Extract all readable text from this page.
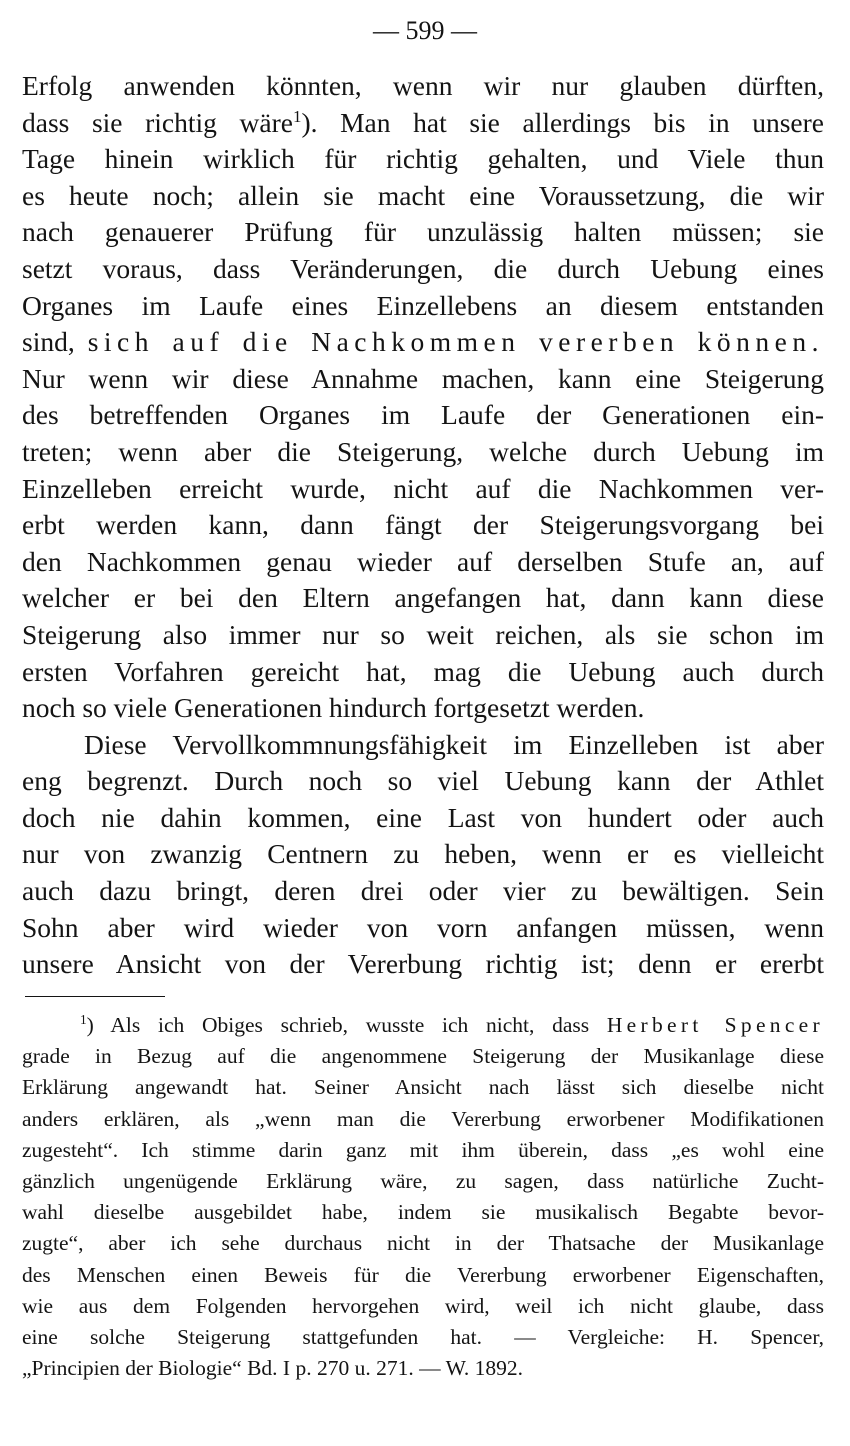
— 599 —
Erfolg anwenden könnten, wenn wir nur glauben dürften,
dass sie richtig wäre$^1$). Man hat sie allerdings bis in unsere
Tage hinein wirklich für richtig gehalten, und Viele thun
es heute noch; allein sie macht eine Voraussetzung, die wir
nach genauerer Prüfung für unzulässig halten müssen; sie
setzt voraus, dass Veränderungen, die durch Uebung eines
Organes im Laufe eines Einzellebens an diesem entstanden
sind, sich auf die Nachkommen vererben können.
Nur wenn wir diese Annahme machen, kann eine Steigerung
des betreffenden Organes im Laufe der Generationen ein-
treten; wenn aber die Steigerung, welche durch Uebung im
Einzelleben erreicht wurde, nicht auf die Nachkommen ver-
erbt werden kann, dann fängt der Steigerungsvorgang bei
den Nachkommen genau wieder auf derselben Stufe an, auf
welcher er bei den Eltern angefangen hat, dann kann diese
Steigerung also immer nur so weit reichen, als sie schon im
ersten Vorfahren gereicht hat, mag die Uebung auch durch
noch so viele Generationen hindurch fortgesetzt werden.
Diese Vervollkommnungsfähigkeit im Einzelleben ist aber
eng begrenzt. Durch noch so viel Uebung kann der Athlet
doch nie dahin kommen, eine Last von hundert oder auch
nur von zwanzig Centnern zu heben, wenn er es vielleicht
auch dazu bringt, deren drei oder vier zu bewältigen. Sein
Sohn aber wird wieder von vorn anfangen müssen, wenn
unsere Ansicht von der Vererbung richtig ist; denn er ererbt
$^1$) Als ich Obiges schrieb, wusste ich nicht, dass Herbert Spencer
grade in Bezug auf die angenommene Steigerung der Musikanlage diese
Erklärung angewandt hat. Seiner Ansicht nach lässt sich dieselbe nicht
anders erklären, als „wenn man die Vererbung erworbener Modifikationen
zugesteht“. Ich stimme darin ganz mit ihm überein, dass „es wohl eine
gänzlich ungenügende Erklärung wäre, zu sagen, dass natürliche Zucht-
wahl dieselbe ausgebildet habe, indem sie musikalisch Begabte bevor-
zugte“, aber ich sehe durchaus nicht in der Thatsache der Musikanlage
des Menschen einen Beweis für die Vererbung erworbener Eigenschaften,
wie aus dem Folgenden hervorgehen wird, weil ich nicht glaube, dass
eine solche Steigerung stattgefunden hat. — Vergleiche: H. Spencer,
„Principien der Biologie“ Bd. I p. 270 u. 271. — W. 1892.
